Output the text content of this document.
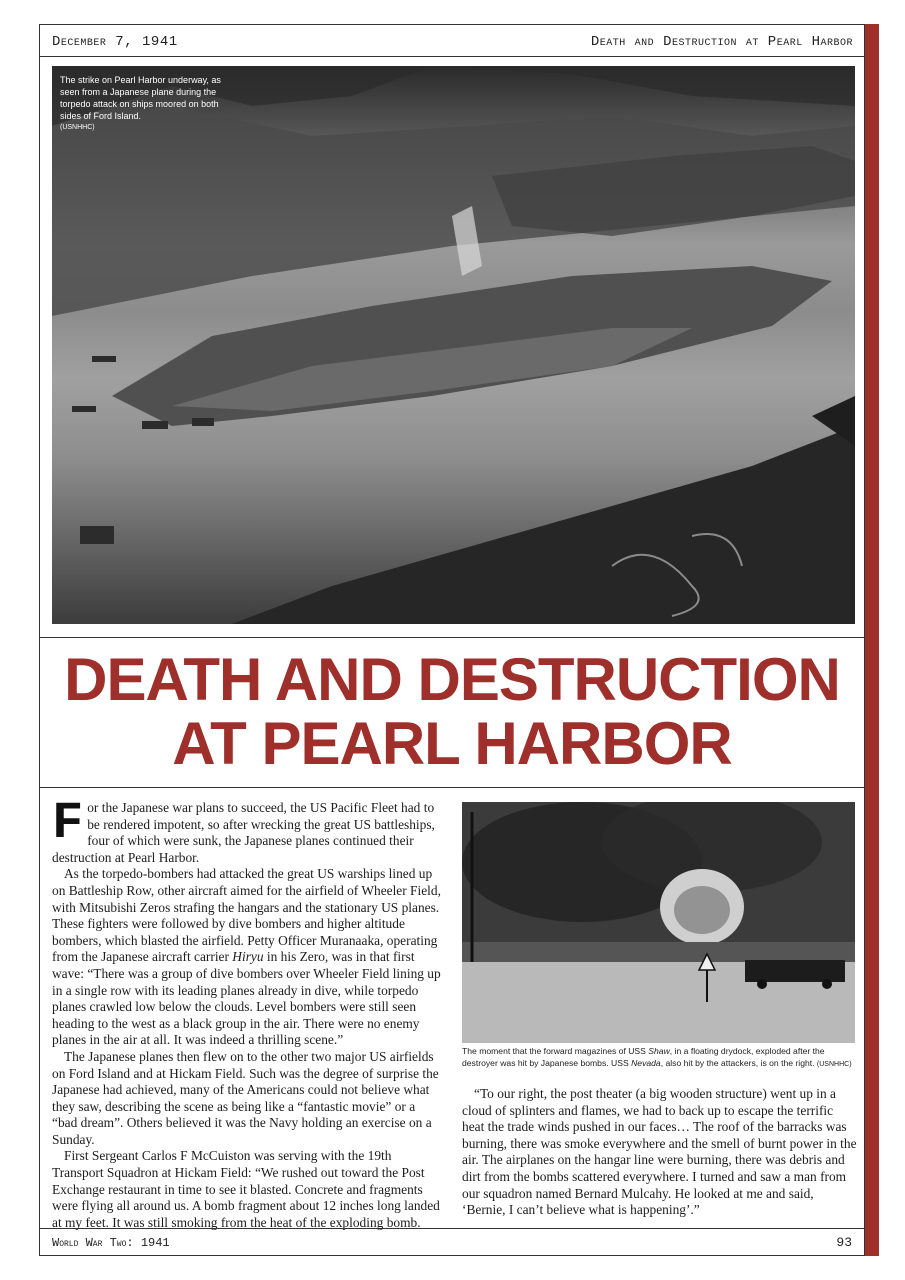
December 7, 1941	Death and Destruction at Pearl Harbor
The strike on Pearl Harbor underway, as seen from a Japanese plane during the torpedo attack on ships moored on both sides of Ford Island.
(USNHHC)
DEATH AND DESTRUCTION
AT PEARL HARBOR

For the Japanese war plans to succeed, the US Pacific Fleet had to be rendered impotent, so after wrecking the great US battleships, four of which were sunk, the Japanese planes continued their destruction at Pearl Harbor.

As the torpedo-bombers had attacked the great US warships lined up on Battleship Row, other aircraft aimed for the airfield of Wheeler Field, with Mitsubishi Zeros strafing the hangars and the stationary US planes. These fighters were followed by dive bombers and higher altitude bombers, which blasted the airfield. Petty Officer Muranaaka, operating from the Japanese aircraft carrier Hiryu in his Zero, was in that first wave: “There was a group of dive bombers over Wheeler Field lining up in a single row with its leading planes already in dive, while torpedo planes crawled low below the clouds. Level bombers were still seen heading to the west as a black group in the air. There were no enemy planes in the air at all. It was indeed a thrilling scene.”

The Japanese planes then flew on to the other two major US airfields on Ford Island and at Hickam Field. Such was the degree of surprise the Japanese had achieved, many of the Americans could not believe what they saw, describing the scene as being like a “fantastic movie” or a “bad dream”. Others believed it was the Navy holding an exercise on a Sunday.

First Sergeant Carlos F McCuiston was serving with the 19th Transport Squadron at Hickam Field: “We rushed out toward the Post Exchange restaurant in time to see it blasted. Concrete and fragments were flying all around us. A bomb fragment about 12 inches long landed at my feet. It was still smoking from the heat of the exploding bomb.

The moment that the forward magazines of USS Shaw, in a floating drydock, exploded after the destroyer was hit by Japanese bombs. USS Nevada, also hit by the attackers, is on the right. (USNHHC)

“To our right, the post theater (a big wooden structure) went up in a cloud of splinters and flames, we had to back up to escape the terrific heat the trade winds pushed in our faces… The roof of the barracks was burning, there was smoke everywhere and the smell of burnt power in the air. The airplanes on the hangar line were burning, there was debris and dirt from the bombs scattered everywhere. I turned and saw a man from our squadron named Bernard Mulcahy. He looked at me and said, ‘Bernie, I can’t believe what is happening’.”

World War Two: 1941	93
